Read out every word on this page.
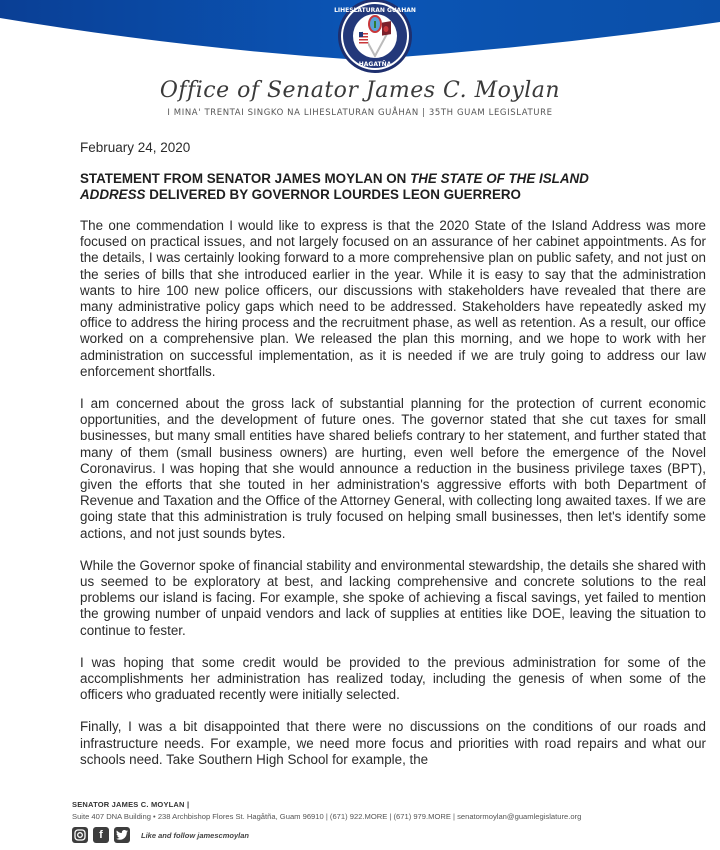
LIHESLATURAN GUAHAN
HAGATÑA
Office of Senator James C. Moylan
I MINA' TRENTAI SINGKO NA LIHESLATURAN GUÅHAN | 35TH GUAM LEGISLATURE

February 24, 2020

STATEMENT FROM SENATOR JAMES MOYLAN ON THE STATE OF THE ISLAND
ADDRESS DELIVERED BY GOVERNOR LOURDES LEON GUERRERO

The one commendation I would like to express is that the 2020 State of the Island Address was more focused on practical issues, and not largely focused on an assurance of her cabinet appointments. As for the details, I was certainly looking forward to a more comprehensive plan on public safety, and not just on the series of bills that she introduced earlier in the year. While it is easy to say that the administration wants to hire 100 new police officers, our discussions with stakeholders have revealed that there are many administrative policy gaps which need to be addressed. Stakeholders have repeatedly asked my office to address the hiring process and the recruitment phase, as well as retention. As a result, our office worked on a comprehensive plan. We released the plan this morning, and we hope to work with her administration on successful implementation, as it is needed if we are truly going to address our law enforcement shortfalls.

I am concerned about the gross lack of substantial planning for the protection of current economic opportunities, and the development of future ones. The governor stated that she cut taxes for small businesses, but many small entities have shared beliefs contrary to her statement, and further stated that many of them (small business owners) are hurting, even well before the emergence of the Novel Coronavirus. I was hoping that she would announce a reduction in the business privilege taxes (BPT), given the efforts that she touted in her administration's aggressive efforts with both Department of Revenue and Taxation and the Office of the Attorney General, with collecting long awaited taxes. If we are going state that this administration is truly focused on helping small businesses, then let's identify some actions, and not just sounds bytes.

While the Governor spoke of financial stability and environmental stewardship, the details she shared with us seemed to be exploratory at best, and lacking comprehensive and concrete solutions to the real problems our island is facing. For example, she spoke of achieving a fiscal savings, yet failed to mention the growing number of unpaid vendors and lack of supplies at entities like DOE, leaving the situation to continue to fester.

I was hoping that some credit would be provided to the previous administration for some of the accomplishments her administration has realized today, including the genesis of when some of the officers who graduated recently were initially selected.

Finally, I was a bit disappointed that there were no discussions on the conditions of our roads and infrastructure needs. For example, we need more focus and priorities with road repairs and what our schools need. Take Southern High School for example, the

SENATOR JAMES C. MOYLAN |
Suite 407 DNA Building • 238 Archbishop Flores St. Hagåtña, Guam 96910 | (671) 922.MORE | (671) 979.MORE | senatormoylan@guamlegislature.org
f	Like and follow jamescmoylan
